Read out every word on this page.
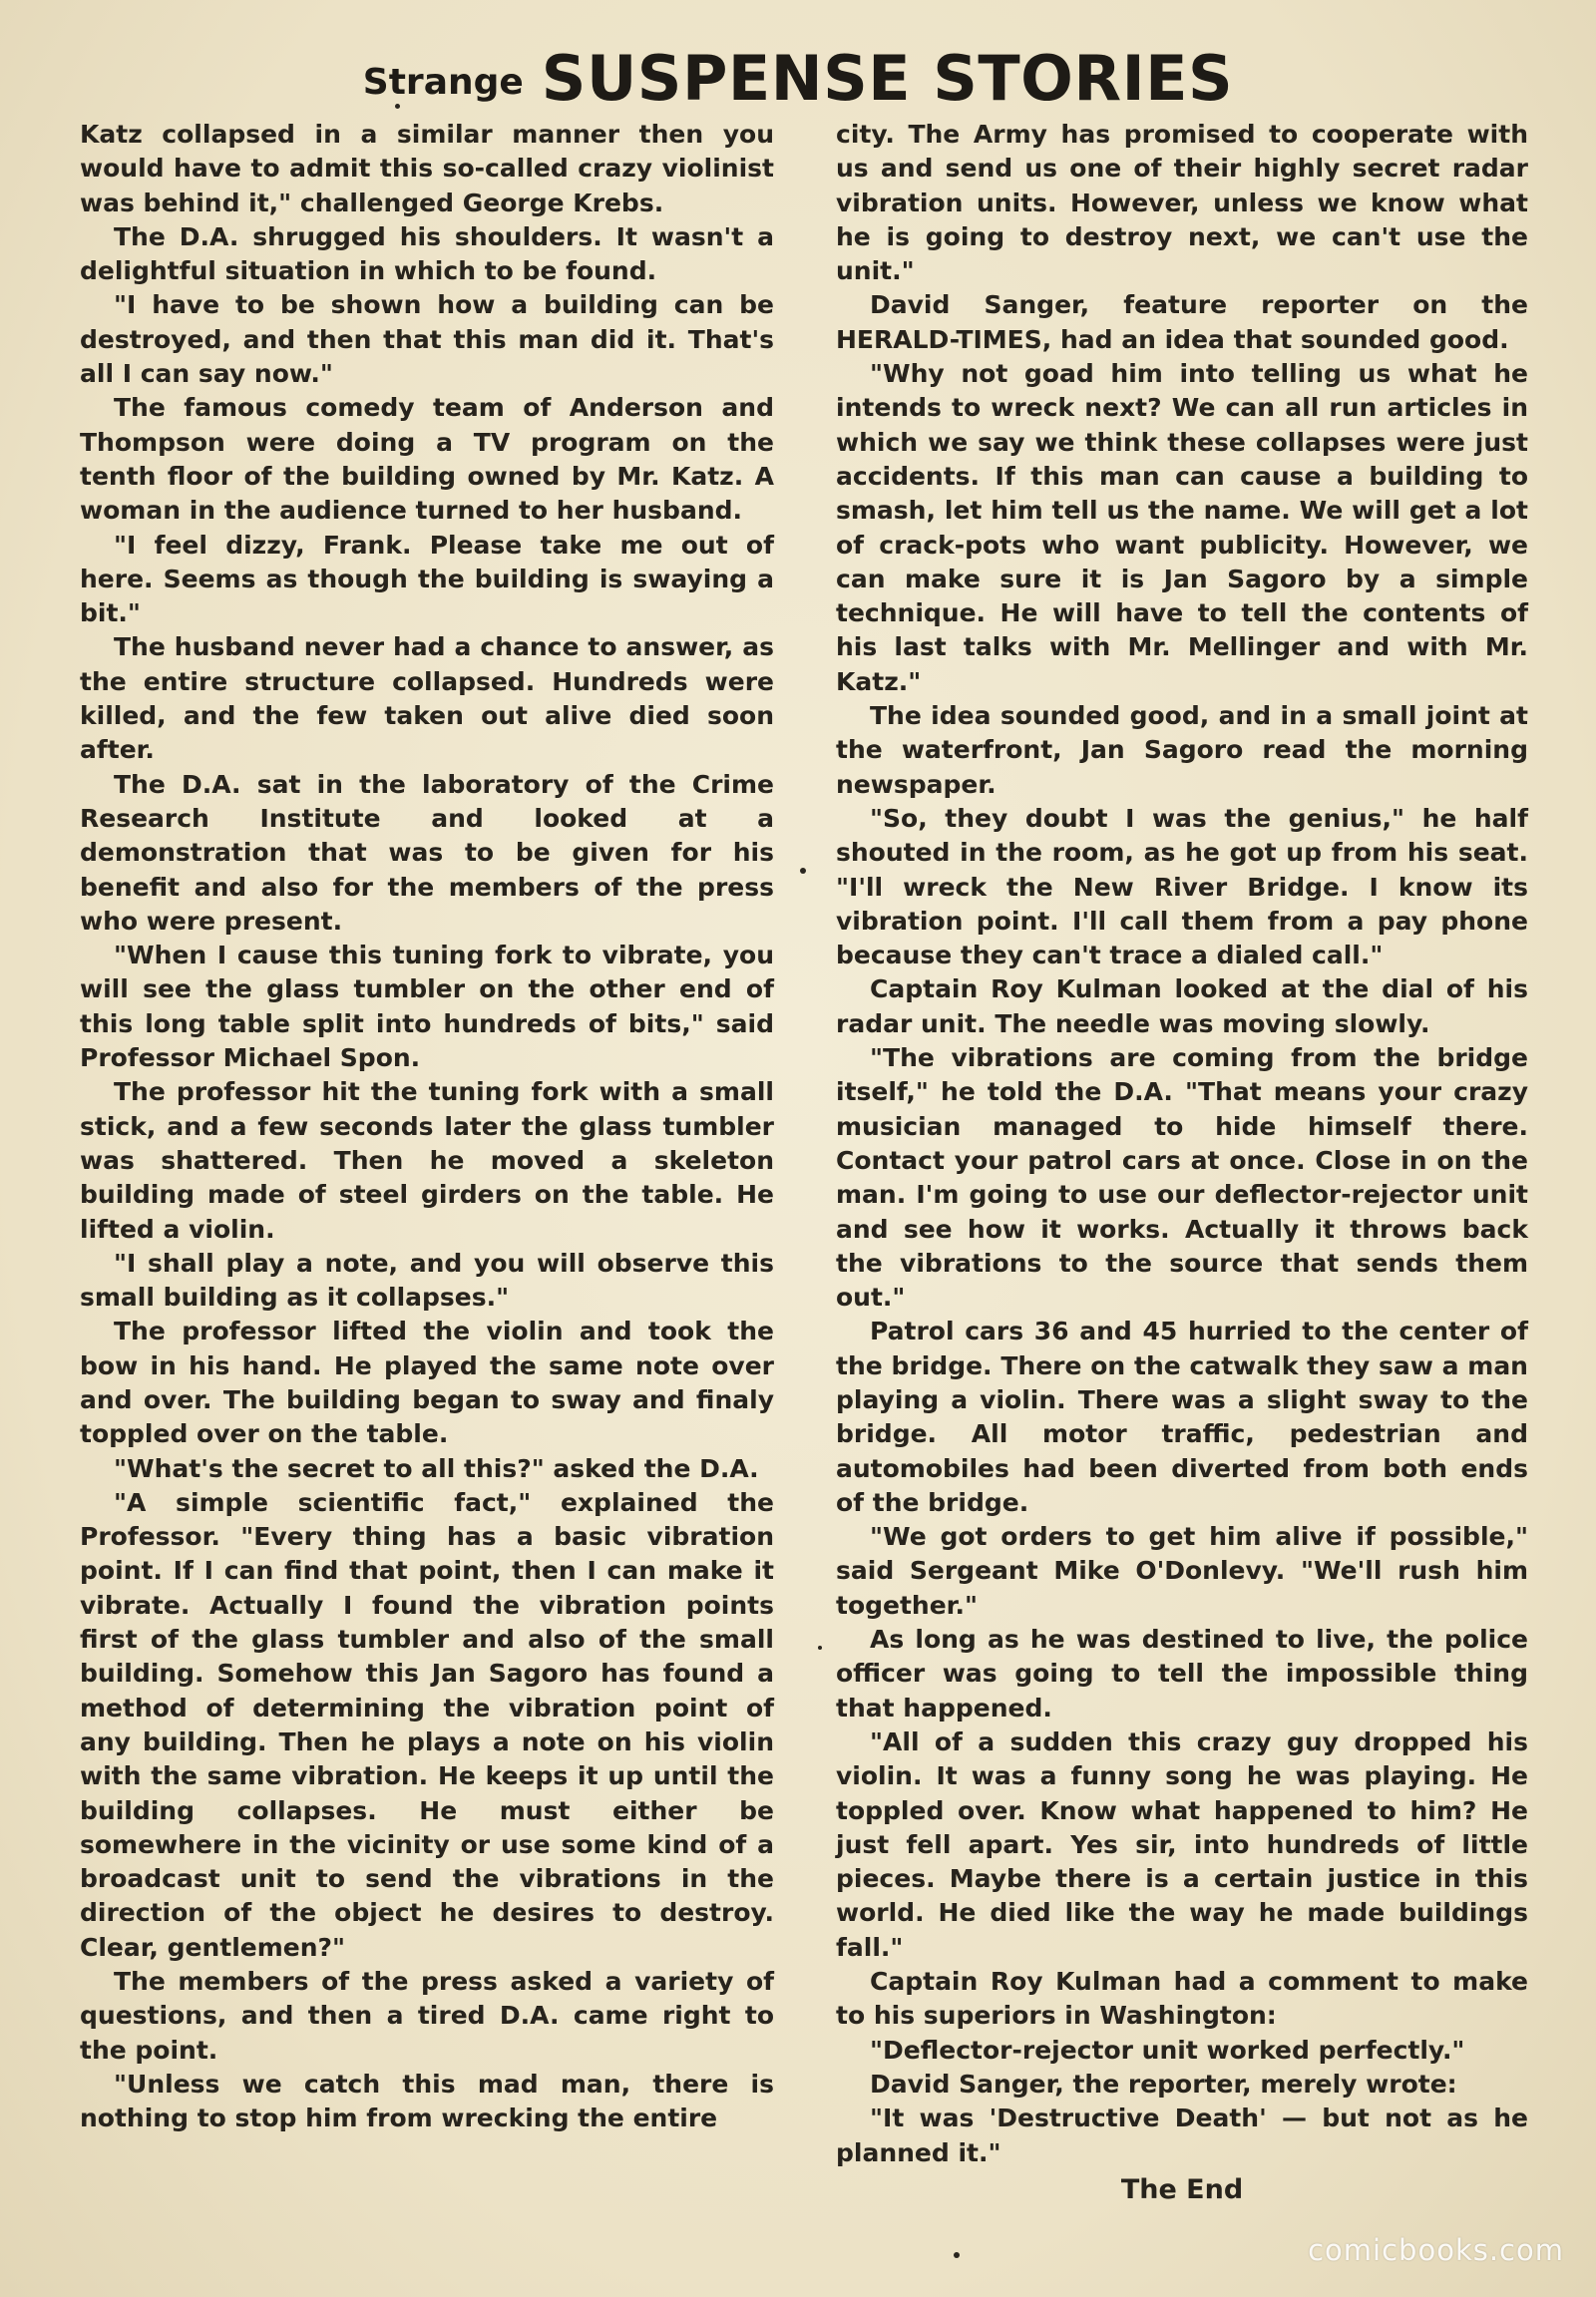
Strange SUSPENSE STORIES

Katz collapsed in a similar manner then you would have to admit this so-called crazy violinist was behind it," challenged George Krebs.

The D.A. shrugged his shoulders. It wasn't a delightful situation in which to be found.

"I have to be shown how a building can be destroyed, and then that this man did it. That's all I can say now."

The famous comedy team of Anderson and Thompson were doing a TV program on the tenth floor of the building owned by Mr. Katz. A woman in the audience turned to her husband.

"I feel dizzy, Frank. Please take me out of here. Seems as though the building is swaying a bit."

The husband never had a chance to answer, as the entire structure collapsed. Hundreds were killed, and the few taken out alive died soon after.

The D.A. sat in the laboratory of the Crime Research Institute and looked at a demonstration that was to be given for his benefit and also for the members of the press who were present.

"When I cause this tuning fork to vibrate, you will see the glass tumbler on the other end of this long table split into hundreds of bits," said Professor Michael Spon.

The professor hit the tuning fork with a small stick, and a few seconds later the glass tumbler was shattered. Then he moved a skeleton building made of steel girders on the table. He lifted a violin.

"I shall play a note, and you will observe this small building as it collapses."

The professor lifted the violin and took the bow in his hand. He played the same note over and over. The building began to sway and finaly toppled over on the table.

"What's the secret to all this?" asked the D.A.

"A simple scientific fact," explained the Professor. "Every thing has a basic vibration point. If I can find that point, then I can make it vibrate. Actually I found the vibration points first of the glass tumbler and also of the small building. Somehow this Jan Sagoro has found a method of determining the vibration point of any building. Then he plays a note on his violin with the same vibration. He keeps it up until the building collapses. He must either be somewhere in the vicinity or use some kind of a broadcast unit to send the vibrations in the direction of the object he desires to destroy. Clear, gentlemen?"

The members of the press asked a variety of questions, and then a tired D.A. came right to the point.

"Unless we catch this mad man, there is nothing to stop him from wrecking the entire

city. The Army has promised to cooperate with us and send us one of their highly secret radar vibration units. However, unless we know what he is going to destroy next, we can't use the unit."

David Sanger, feature reporter on the HERALD-TIMES, had an idea that sounded good.

"Why not goad him into telling us what he intends to wreck next? We can all run articles in which we say we think these collapses were just accidents. If this man can cause a building to smash, let him tell us the name. We will get a lot of crack-pots who want publicity. However, we can make sure it is Jan Sagoro by a simple technique. He will have to tell the contents of his last talks with Mr. Mellinger and with Mr. Katz."

The idea sounded good, and in a small joint at the waterfront, Jan Sagoro read the morning newspaper.

"So, they doubt I was the genius," he half shouted in the room, as he got up from his seat. "I'll wreck the New River Bridge. I know its vibration point. I'll call them from a pay phone because they can't trace a dialed call."

Captain Roy Kulman looked at the dial of his radar unit. The needle was moving slowly.

"The vibrations are coming from the bridge itself," he told the D.A. "That means your crazy musician managed to hide himself there. Contact your patrol cars at once. Close in on the man. I'm going to use our deflector-rejector unit and see how it works. Actually it throws back the vibrations to the source that sends them out."

Patrol cars 36 and 45 hurried to the center of the bridge. There on the catwalk they saw a man playing a violin. There was a slight sway to the bridge. All motor traffic, pedestrian and automobiles had been diverted from both ends of the bridge.

"We got orders to get him alive if possible," said Sergeant Mike O'Donlevy. "We'll rush him together."

As long as he was destined to live, the police officer was going to tell the impossible thing that happened.

"All of a sudden this crazy guy dropped his violin. It was a funny song he was playing. He toppled over. Know what happened to him? He just fell apart. Yes sir, into hundreds of little pieces. Maybe there is a certain justice in this world. He died like the way he made buildings fall."

Captain Roy Kulman had a comment to make to his superiors in Washington:

"Deflector-rejector unit worked perfectly."

David Sanger, the reporter, merely wrote:

"It was 'Destructive Death' — but not as he planned it."

The End
comicbooks.com
